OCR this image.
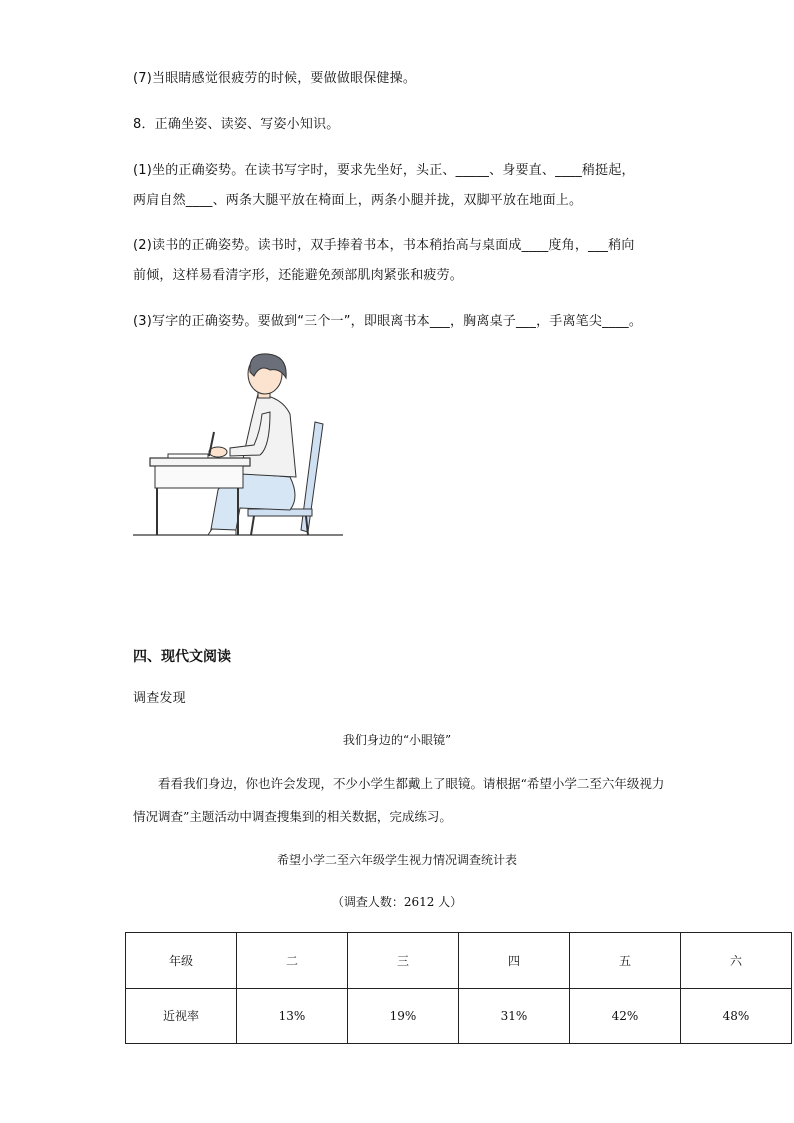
(7)当眼睛感觉很疲劳的时候，要做做眼保健操。
8．正确坐姿、读姿、写姿小知识。
(1)坐的正确姿势。在读书写字时，要求先坐好，头正、_____、身要直、____稍挺起，
两肩自然____、两条大腿平放在椅面上，两条小腿并拢，双脚平放在地面上。
(2)读书的正确姿势。读书时，双手捧着书本，书本稍抬高与桌面成____度角，___稍向
前倾，这样易看清字形，还能避免颈部肌肉紧张和疲劳。
(3)写字的正确姿势。要做到“三个一”，即眼离书本___，胸离桌子___，手离笔尖____。
四、现代文阅读
调查发现
我们身边的“小眼镜”
看看我们身边，你也许会发现，不少小学生都戴上了眼镜。请根据“希望小学二至六年级视力情况调查”主题活动中调查搜集到的相关数据，完成练习。
希望小学二至六年级学生视力情况调查统计表
（调查人数：2612 人）
年级	二	三	四	五	六
近视率	13%	19%	31%	42%	48%
